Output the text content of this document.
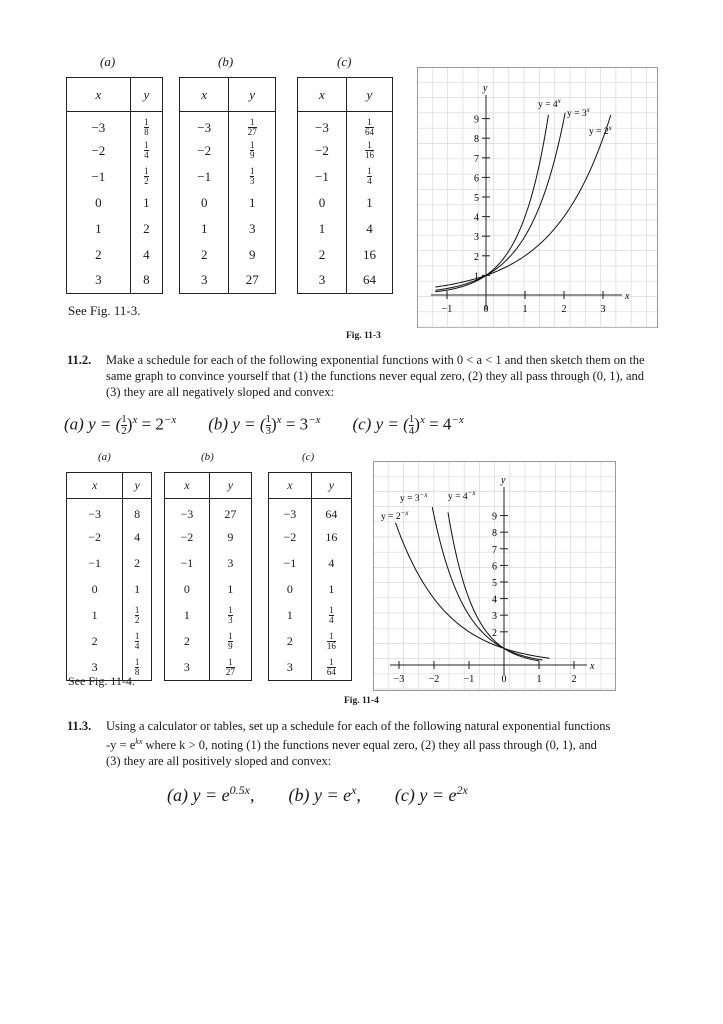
(a)	(b)	(c)
x	y
−3	$\frac{1}{8}$

−2	$\frac{1}{4}$

−1	$\frac{1}{2}$

0	1
1	2
2	4
3	8
x	y
−3	$\frac{1}{27}$

−2	$\frac{1}{9}$

−1	$\frac{1}{3}$

0	1
1	3
2	9
3	27
x	y
−3	$\frac{1}{64}$

−2	$\frac{1}{16}$

−1	$\frac{1}{4}$

0	1
1	4
2	16
3	64
See Fig. 11-3.
x
y
−1	0	1	2	3
1
2
3
4
5
6
7
8
9
$y = 4^x$
$y = 3^x$
$y = 2^x$
Fig. 11-3
11.2. Make a schedule for each of the following exponential functions with 0 < a < 1 and then sketch them on the same graph to convince yourself that (1) the functions never equal zero, (2) they all pass through (0, 1), and (3) they are all negatively sloped and convex:
(a) y = ( $\frac{1}{2} )^x = 2^{-x}$ (b) y = ( $\frac{1}{3} )^x = 3^{-x}$ (c) y = ( $\frac{1}{4} )^x = 4^{-x}$
(a)	(b)	(c)
x	y
−3	8
−2	4
−1	2
0	1
1	$\frac{1}{2}$

2	$\frac{1}{4}$

3	$\frac{1}{8}$
x	y
−3	27
−2	9
−1	3
0	1
1	$\frac{1}{3}$

2	$\frac{1}{9}$

3	$\frac{1}{27}$
x	y
−3	64
−2	16
−1	4
0	1
1	$\frac{1}{4}$

2	$\frac{1}{16}$

3	$\frac{1}{64}$
See Fig. 11-4.
x
y
−3 −2 −1	0	1	2
2
3
4
5
6
7
8
9
$y = 3^{-x}$ $y = 4^{-x}$
$y = 2^{-x}$
Fig. 11-4
11.3. Using a calculator or tables, set up a schedule for each of the following natural exponential functions
$-y = e^{kx}$ where k > 0, noting (1) the functions never equal zero, (2) they all pass through (0, 1), and
(3) they are all positively sloped and convex:
(a) $y = e^{0.5x}$, (b) $y = e^x$, (c) $y = e^{2x}$
